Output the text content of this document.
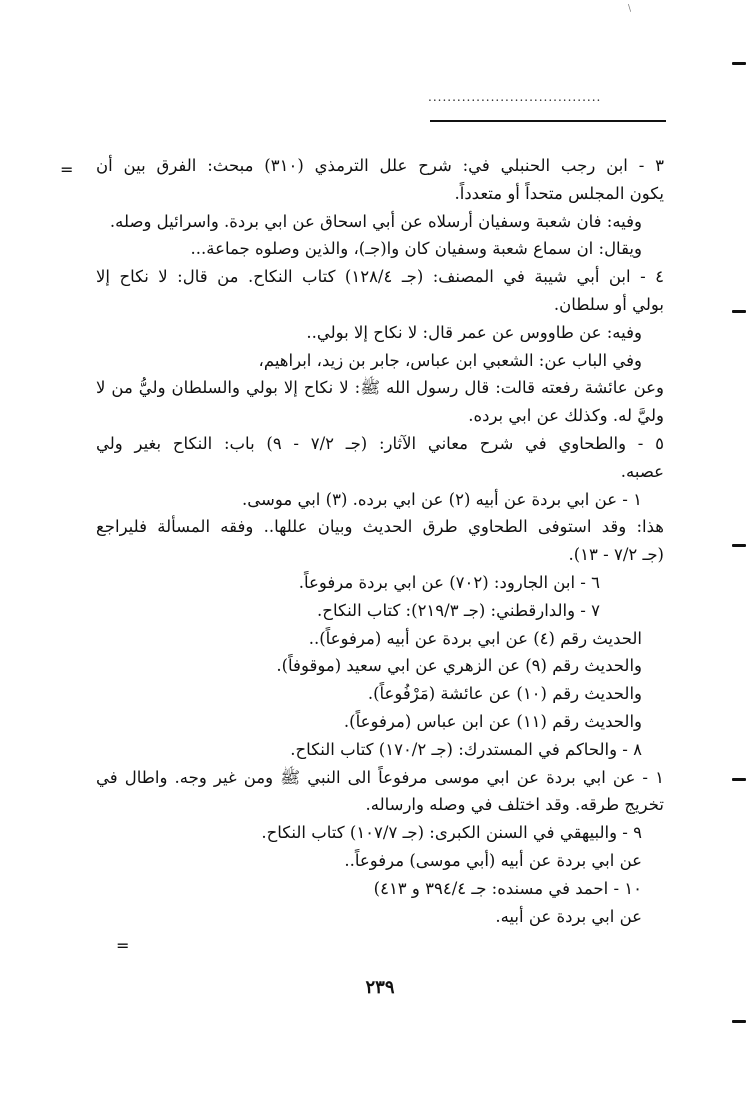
\
....................................
=
=
٣ - ابن رجب الحنبلي في: شرح علل الترمذي (٣١٠) مبحث: الفرق بين أن
يكون المجلس متحداً أو متعدداً.
وفيه: فان شعبة وسفيان أرسلاه عن أبي اسحاق عن ابي بردة. واسرائيل وصله.
ويقال: ان سماع شعبة وسفيان كان وا(جـ)، والذين وصلوه جماعة...
٤ - ابن أبي شيبة في المصنف: (جـ ١٢٨/٤) كتاب النكاح. من قال: لا نكاح إلا
بولي أو سلطان.
وفيه: عن طاووس عن عمر قال: لا نكاح إلا بولي..
وفي الباب عن: الشعبي ابن عباس، جابر بن زيد، ابراهيم،
وعن عائشة رفعته قالت: قال رسول الله ﷺ: لا نكاح إلا بولي والسلطان وليُّ من لا
وليَّ له. وكذلك عن ابي برده.
٥ - والطحاوي في شرح معاني الآثار: (جـ ٧/٢ - ٩) باب: النكاح بغير ولي
عصبه.
١ - عن ابي بردة عن أبيه (٢) عن ابي برده. (٣) ابي موسى.
هذا: وقد استوفى الطحاوي طرق الحديث وبيان عللها.. وفقه المسألة فليراجع
(جـ ٧/٢ - ١٣).
٦ - ابن الجارود: (٧٠٢) عن ابي بردة مرفوعاً.
٧ - والدارقطني: (جـ ٢١٩/٣): كتاب النكاح.
الحديث رقم (٤) عن ابي بردة عن أبيه (مرفوعاً)..
والحديث رقم (٩) عن الزهري عن ابي سعيد (موقوفاً).
والحديث رقم (١٠) عن عائشة (مَرْفُوعاً).
والحديث رقم (١١) عن ابن عباس (مرفوعاً).
٨ - والحاكم في المستدرك: (جـ ١٧٠/٢) كتاب النكاح.
١ - عن ابي بردة عن ابي موسى مرفوعاً الى النبي ﷺ ومن غير وجه. واطال في
تخريج طرقه. وقد اختلف في وصله وارساله.
٩ - والبيهقي في السنن الكبرى: (جـ ١٠٧/٧) كتاب النكاح.
عن ابي بردة عن أبيه (أبي موسى) مرفوعاً..
١٠ - احمد في مسنده: جـ ٣٩٤/٤ و ٤١٣)
عن ابي بردة عن أبيه.
٢٣٩
